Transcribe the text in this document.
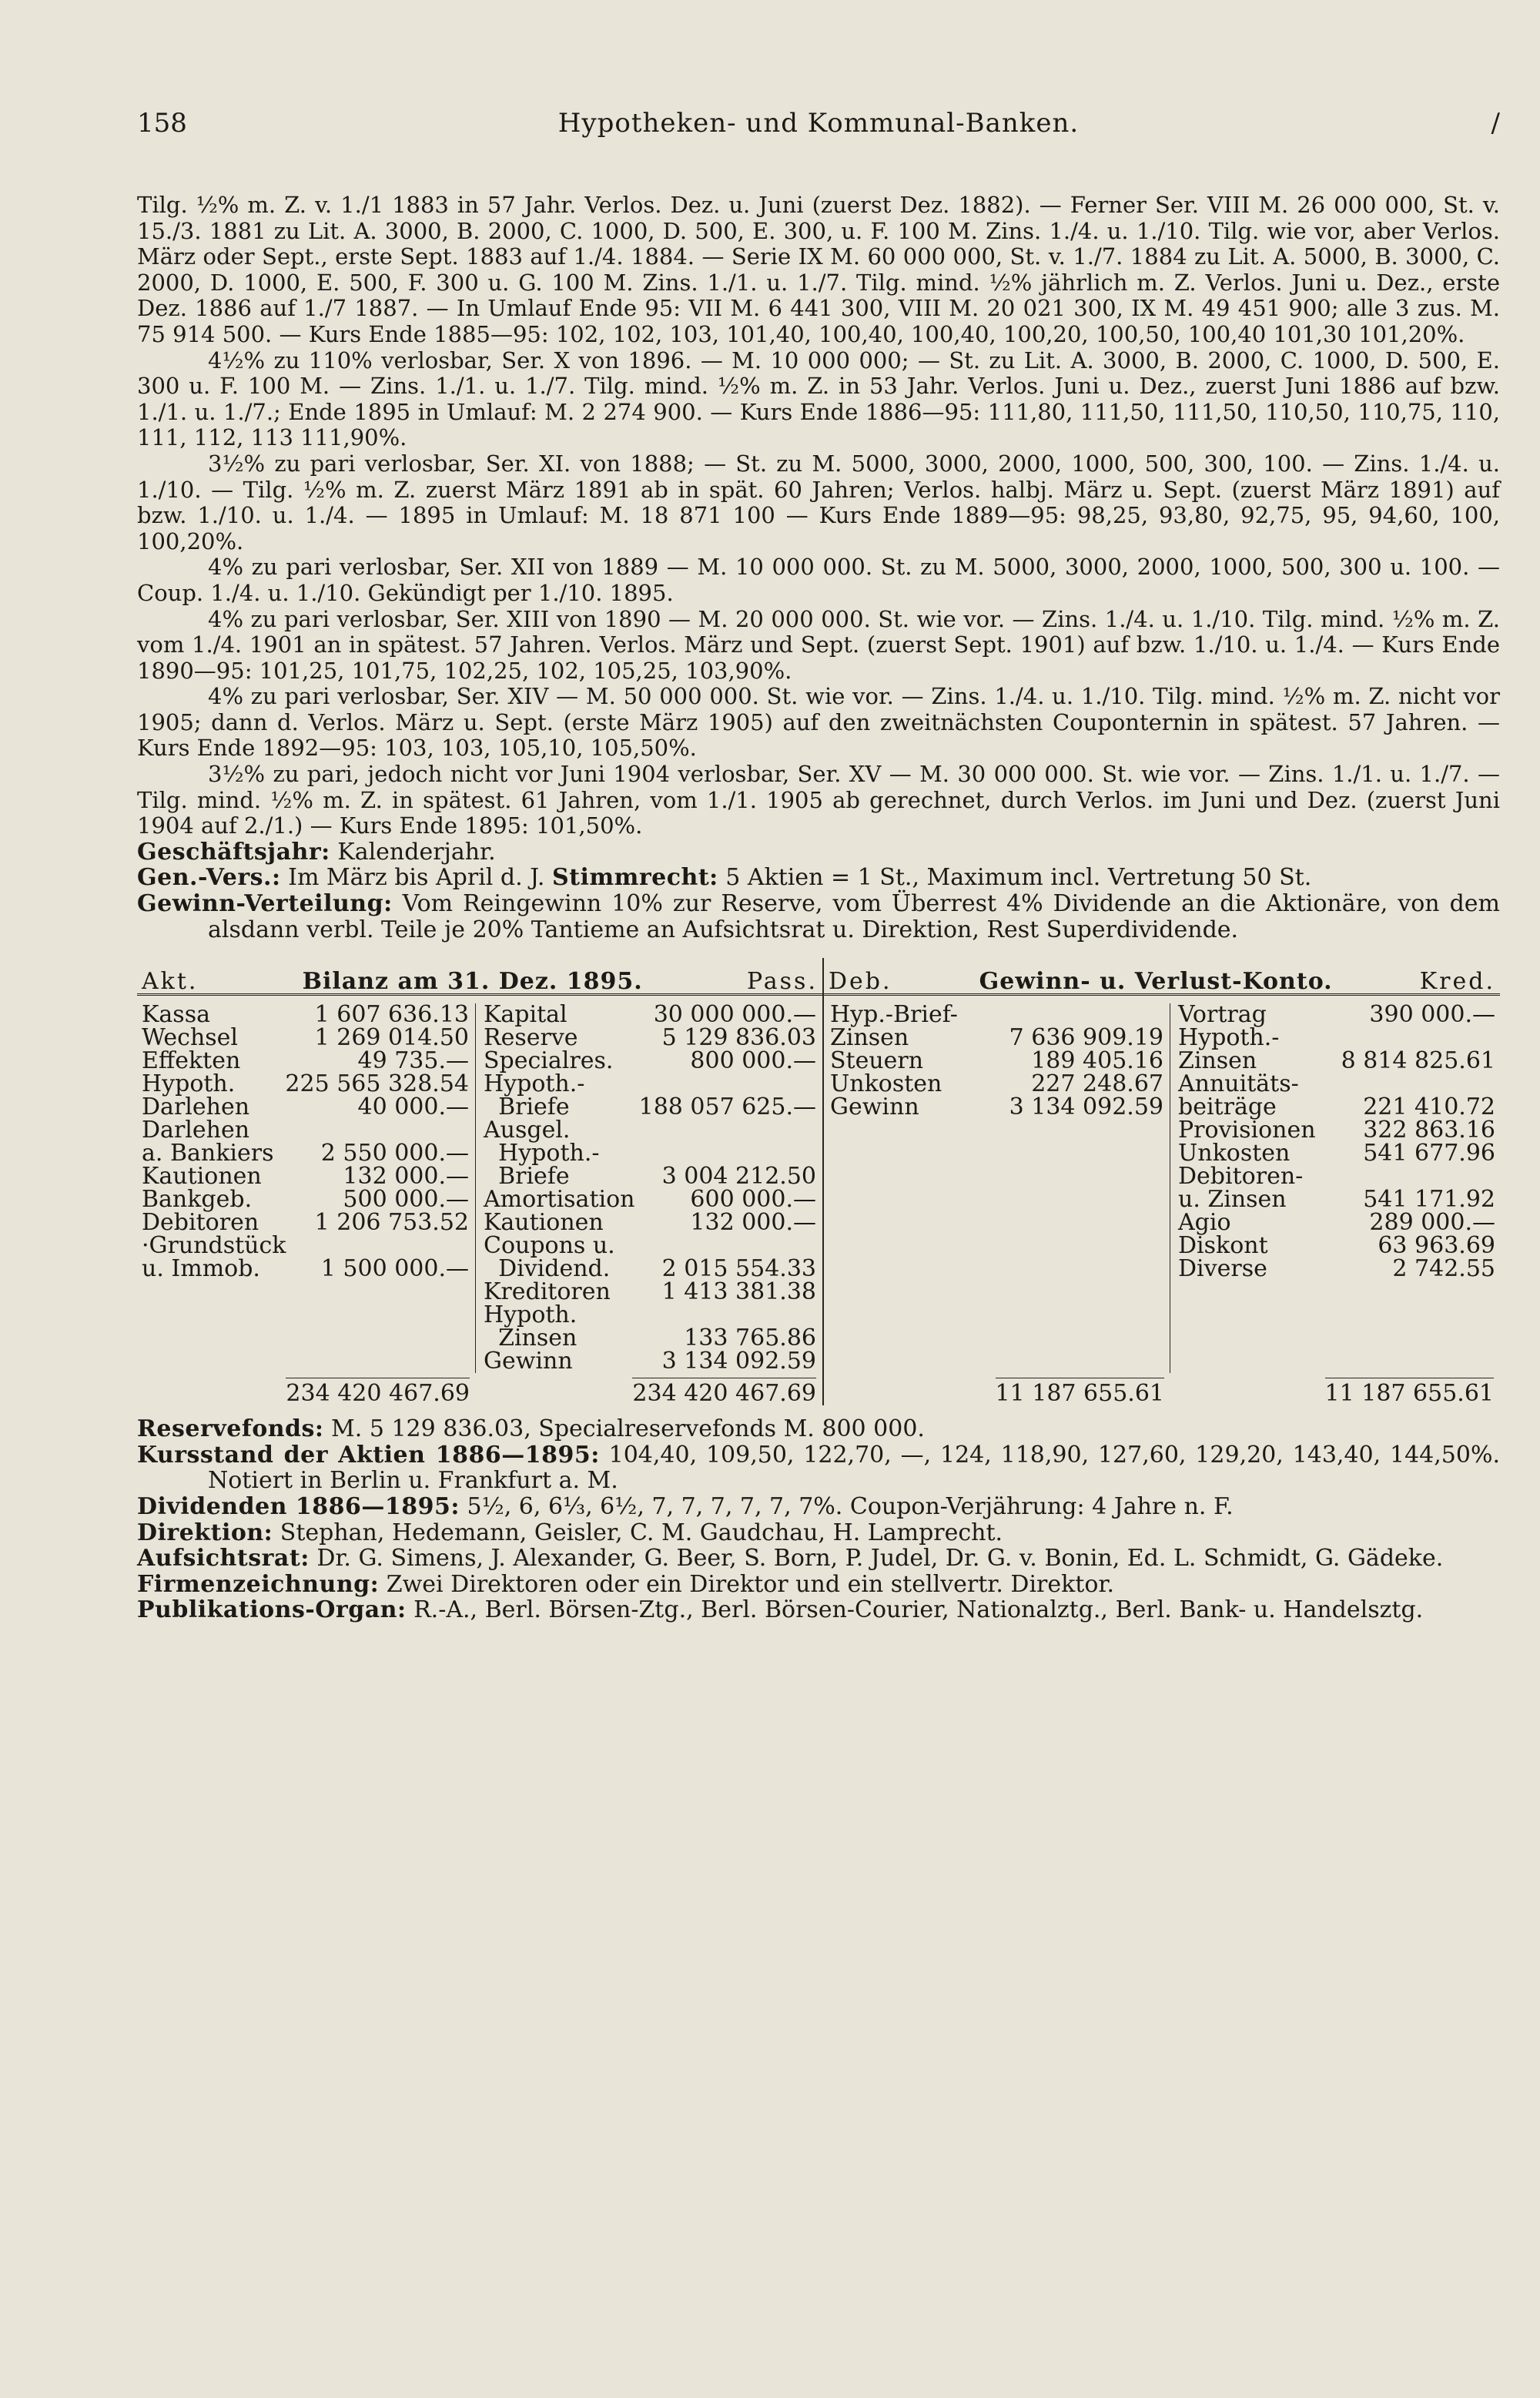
158	Hypotheken- und Kommunal-Banken.	/

Tilg. ½% m. Z. v. 1./1 1883 in 57 Jahr. Verlos. Dez. u. Juni (zuerst Dez. 1882). — Ferner Ser. VIII M. 26 000 000, St. v. 15./3. 1881 zu Lit. A. 3000, B. 2000, C. 1000, D. 500, E. 300, u. F. 100 M. Zins. 1./4. u. 1./10. Tilg. wie vor, aber Verlos. März oder Sept., erste Sept. 1883 auf 1./4. 1884. — Serie IX M. 60 000 000, St. v. 1./7. 1884 zu Lit. A. 5000, B. 3000, C. 2000, D. 1000, E. 500, F. 300 u. G. 100 M. Zins. 1./1. u. 1./7. Tilg. mind. ½% jährlich m. Z. Verlos. Juni u. Dez., erste Dez. 1886 auf 1./7 1887. — In Umlauf Ende 95: VII M. 6 441 300, VIII M. 20 021 300, IX M. 49 451 900; alle 3 zus. M. 75 914 500. — Kurs Ende 1885—95: 102, 102, 103, 101,40, 100,40, 100,40, 100,20, 100,50, 100,40 101,30 101,20%.

4½% zu 110% verlosbar, Ser. X von 1896. — M. 10 000 000; — St. zu Lit. A. 3000, B. 2000, C. 1000, D. 500, E. 300 u. F. 100 M. — Zins. 1./1. u. 1./7. Tilg. mind. ½% m. Z. in 53 Jahr. Verlos. Juni u. Dez., zuerst Juni 1886 auf bzw. 1./1. u. 1./7.; Ende 1895 in Umlauf: M. 2 274 900. — Kurs Ende 1886—95: 111,80, 111,50, 111,50, 110,50, 110,75, 110, 111, 112, 113 111,90%.

3½% zu pari verlosbar, Ser. XI. von 1888; — St. zu M. 5000, 3000, 2000, 1000, 500, 300, 100. — Zins. 1./4. u. 1./10. — Tilg. ½% m. Z. zuerst März 1891 ab in spät. 60 Jahren; Verlos. halbj. März u. Sept. (zuerst März 1891) auf bzw. 1./10. u. 1./4. — 1895 in Umlauf: M. 18 871 100 — Kurs Ende 1889—95: 98,25, 93,80, 92,75, 95, 94,60, 100, 100,20%.

4% zu pari verlosbar, Ser. XII von 1889 — M. 10 000 000. St. zu M. 5000, 3000, 2000, 1000, 500, 300 u. 100. — Coup. 1./4. u. 1./10. Gekündigt per 1./10. 1895.

4% zu pari verlosbar, Ser. XIII von 1890 — M. 20 000 000. St. wie vor. — Zins. 1./4. u. 1./10. Tilg. mind. ½% m. Z. vom 1./4. 1901 an in spätest. 57 Jahren. Verlos. März und Sept. (zuerst Sept. 1901) auf bzw. 1./10. u. 1./4. — Kurs Ende 1890—95: 101,25, 101,75, 102,25, 102, 105,25, 103,90%.

4% zu pari verlosbar, Ser. XIV — M. 50 000 000. St. wie vor. — Zins. 1./4. u. 1./10. Tilg. mind. ½% m. Z. nicht vor 1905; dann d. Verlos. März u. Sept. (erste März 1905) auf den zweitnächsten Couponternin in spätest. 57 Jahren. — Kurs Ende 1892—95: 103, 103, 105,10, 105,50%.

3½% zu pari, jedoch nicht vor Juni 1904 verlosbar, Ser. XV — M. 30 000 000. St. wie vor. — Zins. 1./1. u. 1./7. — Tilg. mind. ½% m. Z. in spätest. 61 Jahren, vom 1./1. 1905 ab gerechnet, durch Verlos. im Juni und Dez. (zuerst Juni 1904 auf 2./1.) — Kurs Ende 1895: 101,50%.

Geschäftsjahr: Kalenderjahr.

Gen.-Vers.: Im März bis April d. J. Stimmrecht: 5 Aktien = 1 St., Maximum incl. Vertretung 50 St.

Gewinn-Verteilung: Vom Reingewinn 10% zur Reserve, vom Überrest 4% Dividende an die Aktionäre, von dem alsdann verbl. Teile je 20% Tantieme an Aufsichtsrat u. Direktion, Rest Superdividende.

Akt.	Bilanz am 31. Dez. 1895.	Pass.
Kassa	1 607 636.13
Wechsel	1 269 014.50
Effekten	49 735.—
Hypoth. 225 565 328.54
Darlehen	40 000.—
Darlehen
a. Bankiers 2 550 000.—
Kautionen	132 000.—
Bankgeb.	500 000.—
Debitoren 1 206 753.52
·Grundstück
u. Immob.	1 500 000.—
Kapital	30 000 000.—
Reserve	5 129 836.03
Specialres.	800 000.—
Hypoth.-
Briefe	188 057 625.—
Ausgel.
Hypoth.-
Briefe	3 004 212.50
Amortisation 600 000.—
Kautionen	132 000.—
Coupons u.
Dividend. 2 015 554.33
Kreditoren 1 413 381.38
Hypoth.
Zinsen	133 765.86
Gewinn	3 134 092.59
234 420 467.69	234 420 467.69
Deb.	Gewinn- u. Verlust-Konto.	Kred.
Hyp.-Brief-
Zinsen	7 636 909.19
Steuern	189 405.16
Unkosten	227 248.67
Gewinn	3 134 092.59
Vortrag	390 000.—
Hypoth.-
Zinsen	8 814 825.61
Annuitäts-
beiträge	221 410.72
Provisionen 322 863.16
Unkosten	541 677.96
Debitoren-
u. Zinsen	541 171.92
Agio	289 000.—
Diskont	63 963.69
Diverse	2 742.55
11 187 655.61	11 187 655.61

Reservefonds: M. 5 129 836.03, Specialreservefonds M. 800 000.

Kursstand der Aktien 1886—1895: 104,40, 109,50, 122,70, —, 124, 118,90, 127,60, 129,20, 143,40, 144,50%. Notiert in Berlin u. Frankfurt a. M.

Dividenden 1886—1895: 5½, 6, 6⅓, 6½, 7, 7, 7, 7, 7, 7%. Coupon-Verjährung: 4 Jahre n. F.

Direktion: Stephan, Hedemann, Geisler, C. M. Gaudchau, H. Lamprecht.

Aufsichtsrat: Dr. G. Simens, J. Alexander, G. Beer, S. Born, P. Judel, Dr. G. v. Bonin, Ed. L. Schmidt, G. Gädeke.

Firmenzeichnung: Zwei Direktoren oder ein Direktor und ein stellvertr. Direktor.

Publikations-Organ: R.-A., Berl. Börsen-Ztg., Berl. Börsen-Courier, Nationalztg., Berl. Bank- u. Handelsztg.
